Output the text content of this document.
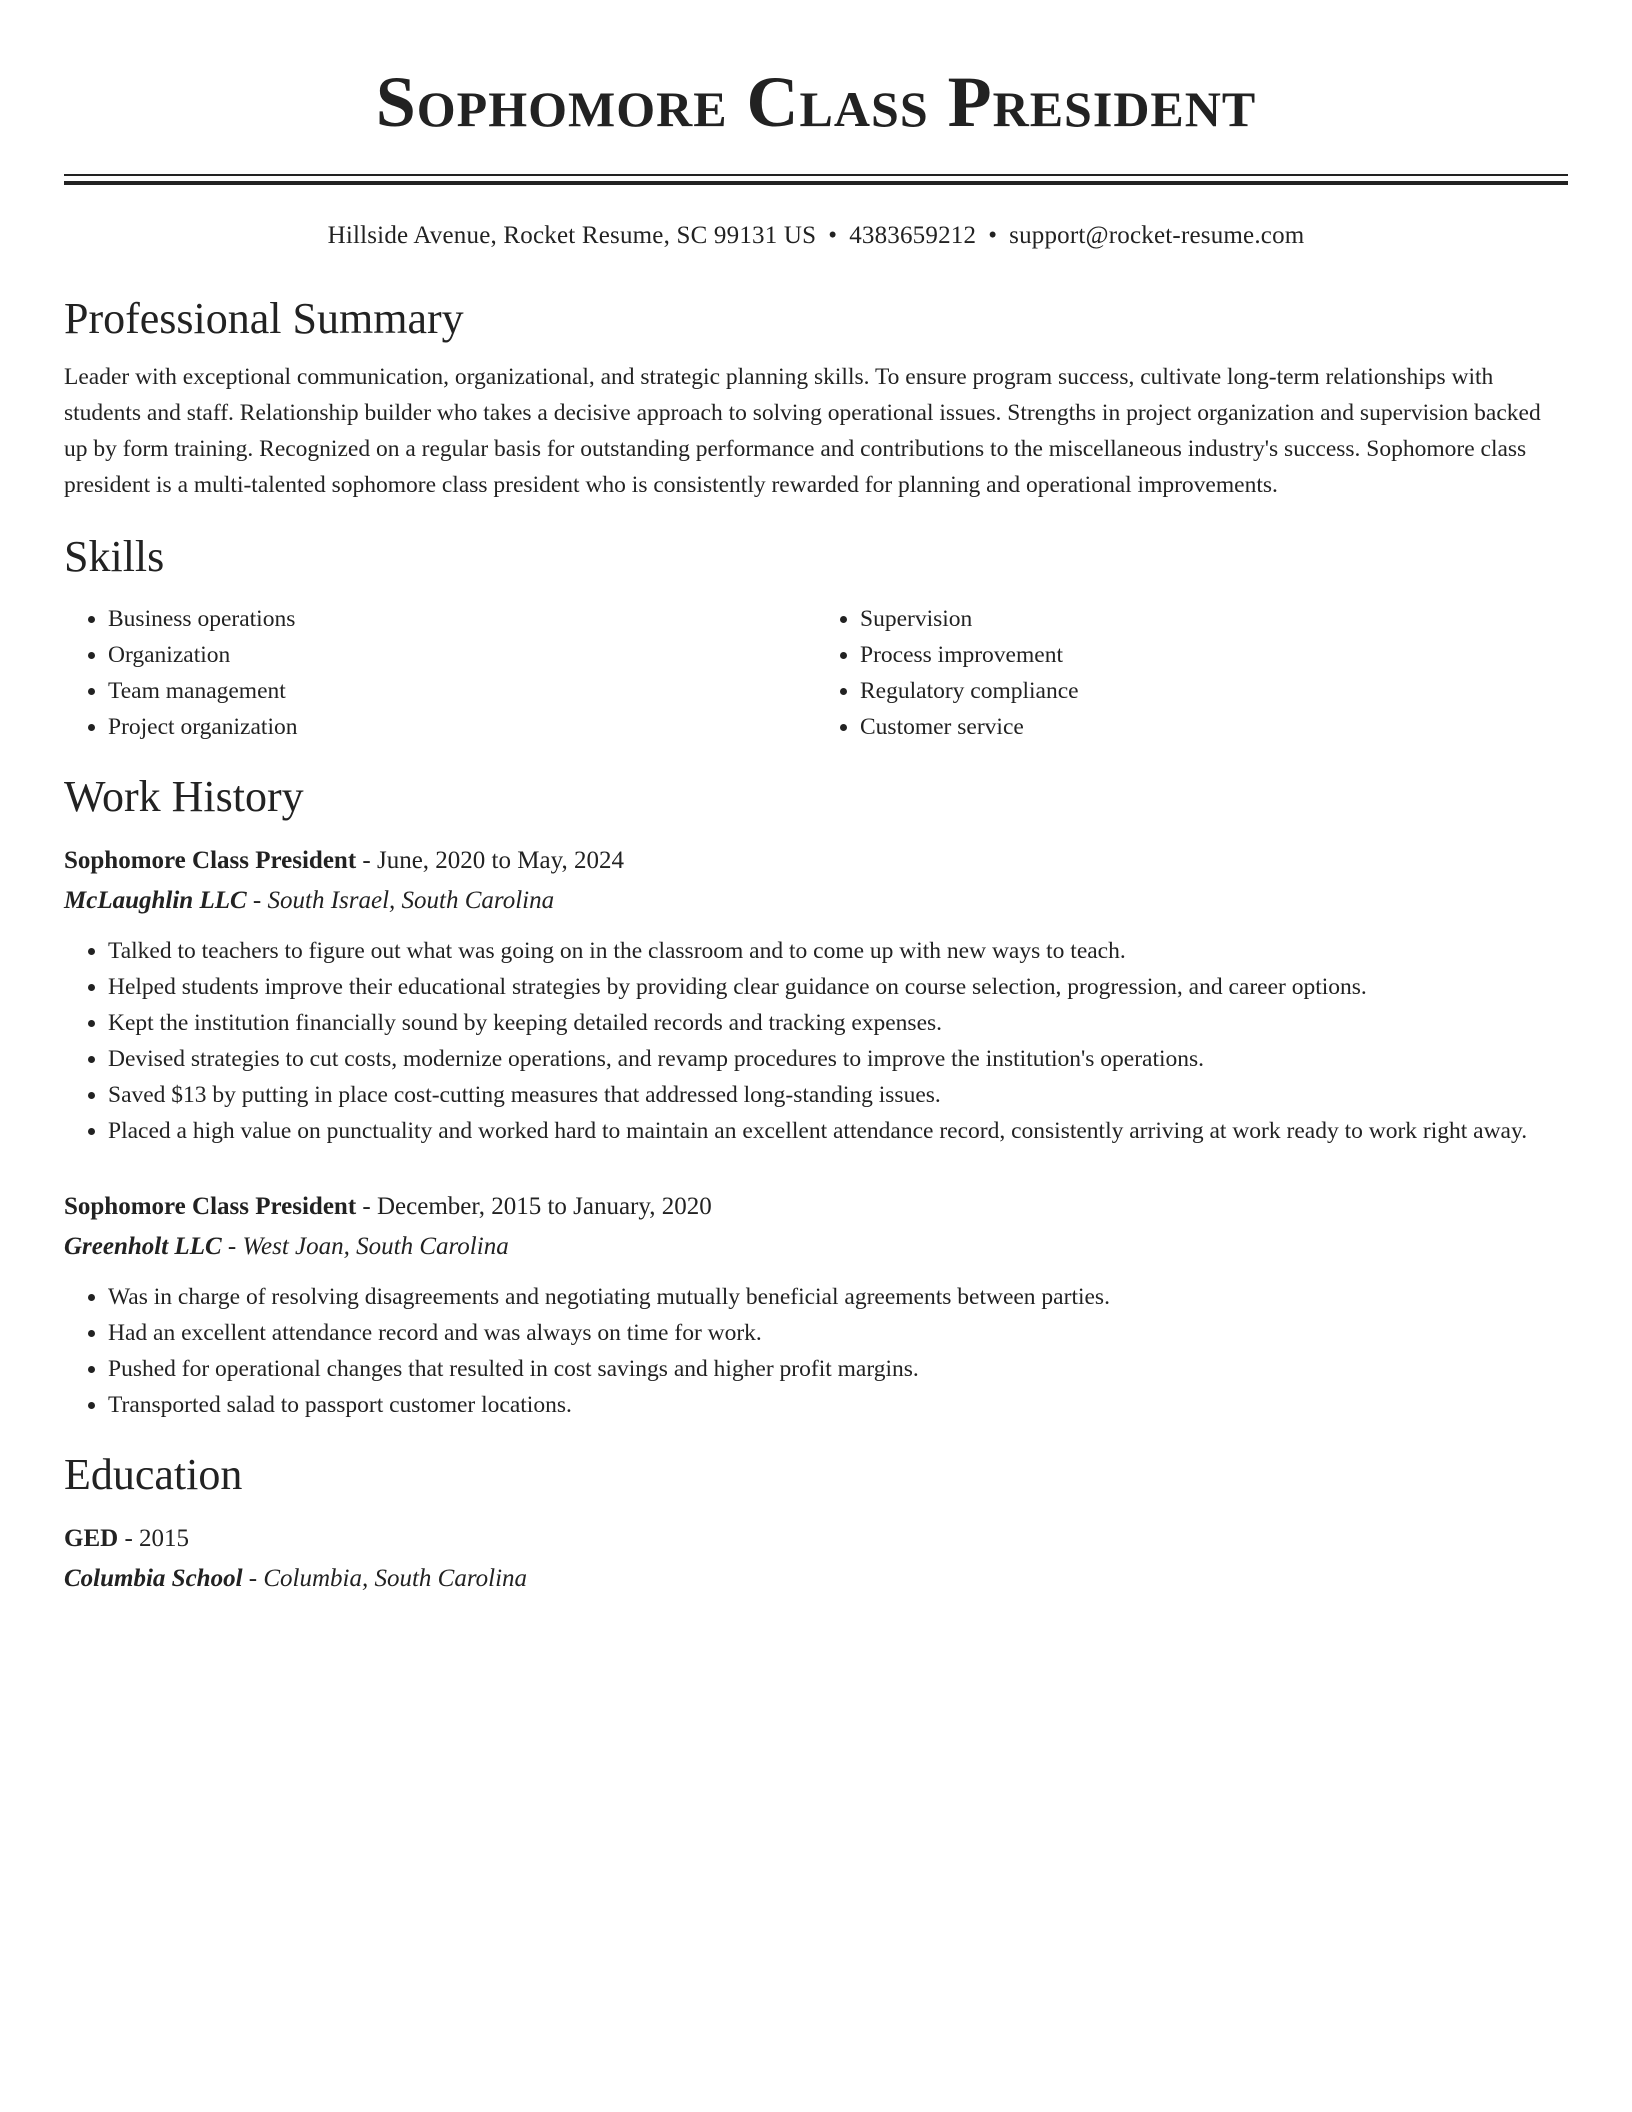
Sophomore Class President
Hillside Avenue, Rocket Resume, SC 99131 US • 4383659212 • support@rocket-resume.com
Professional Summary
Leader with exceptional communication, organizational, and strategic planning skills. To ensure program success, cultivate long-term relationships with students and staff. Relationship builder who takes a decisive approach to solving operational issues. Strengths in project organization and supervision backed up by form training. Recognized on a regular basis for outstanding performance and contributions to the miscellaneous industry's success. Sophomore class president is a multi-talented sophomore class president who is consistently rewarded for planning and operational improvements.
Skills
• Business operations
• Organization
• Team management
• Project organization
• Supervision
• Process improvement
• Regulatory compliance
• Customer service
Work History
Sophomore Class President - June, 2020 to May, 2024
McLaughlin LLC - South Israel, South Carolina
• Talked to teachers to figure out what was going on in the classroom and to come up with new ways to teach.
• Helped students improve their educational strategies by providing clear guidance on course selection, progression, and career options.
• Kept the institution financially sound by keeping detailed records and tracking expenses.
• Devised strategies to cut costs, modernize operations, and revamp procedures to improve the institution's operations.
• Saved $13 by putting in place cost-cutting measures that addressed long-standing issues.
• Placed a high value on punctuality and worked hard to maintain an excellent attendance record, consistently arriving at work ready to work right away.
Sophomore Class President - December, 2015 to January, 2020
Greenholt LLC - West Joan, South Carolina
• Was in charge of resolving disagreements and negotiating mutually beneficial agreements between parties.
• Had an excellent attendance record and was always on time for work.
• Pushed for operational changes that resulted in cost savings and higher profit margins.
• Transported salad to passport customer locations.
Education
GED - 2015
Columbia School - Columbia, South Carolina
